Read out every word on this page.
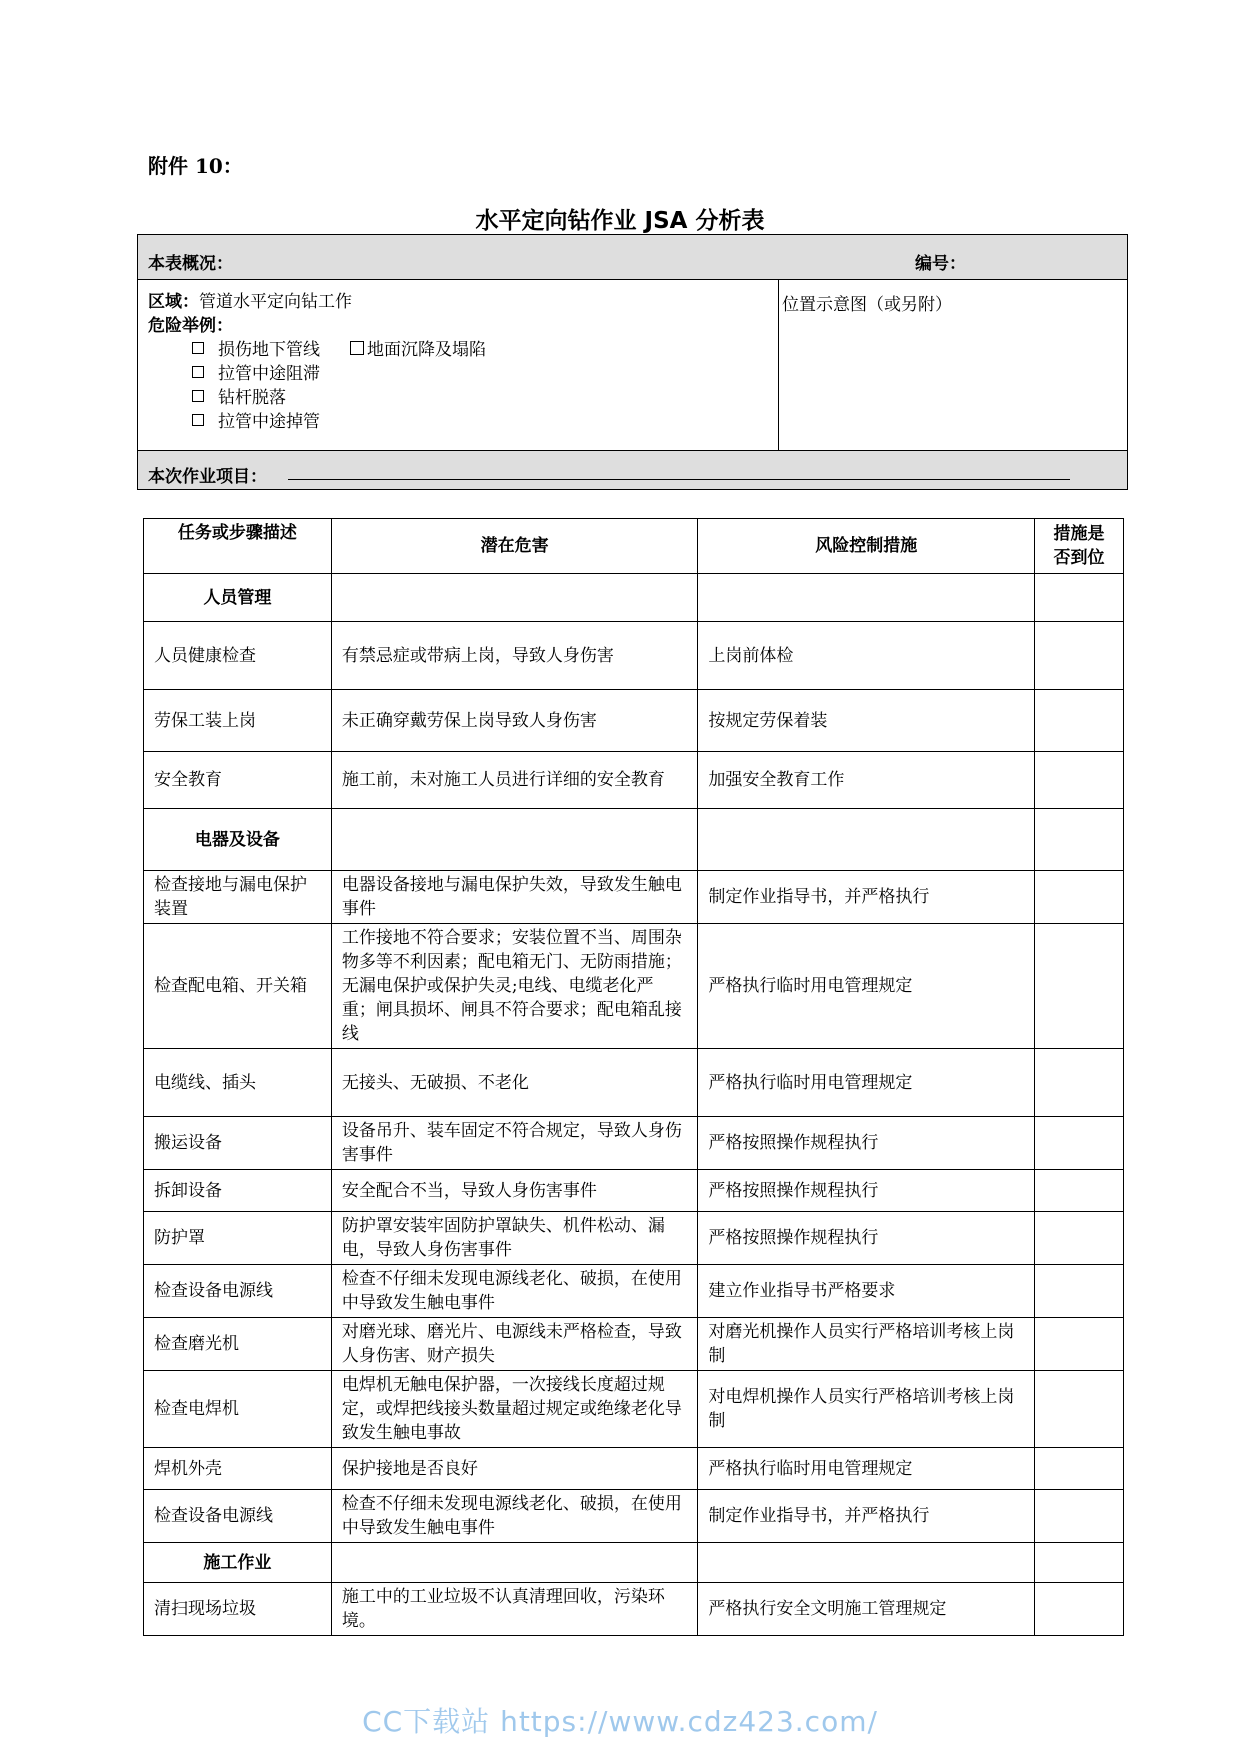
附件 10：
水平定向钻作业 JSA 分析表
本表概况：	编号：
区域：管道水平定向钻工作
危险举例：
损伤地下管线	地面沉降及塌陷
拉管中途阻滞
钻杆脱落
拉管中途掉管
位置示意图（或另附）
本次作业项目：
任务或步骤描述	潜在危害	风险控制措施	措施是否到位
人员管理			
人员健康检查	有禁忌症或带病上岗，导致人身伤害	上岗前体检	
劳保工装上岗	未正确穿戴劳保上岗导致人身伤害	按规定劳保着装	
安全教育	施工前，未对施工人员进行详细的安全教育	加强安全教育工作	
电器及设备			
检查接地与漏电保护装置	电器设备接地与漏电保护失效，导致发生触电事件	制定作业指导书，并严格执行	
检查配电箱、开关箱	工作接地不符合要求；安装位置不当、周围杂物多等不利因素；配电箱无门、无防雨措施；无漏电保护或保护失灵;电线、电缆老化严重；闸具损坏、闸具不符合要求；配电箱乱接线	严格执行临时用电管理规定	
电缆线、插头	无接头、无破损、不老化	严格执行临时用电管理规定	
搬运设备	设备吊升、装车固定不符合规定，导致人身伤害事件	严格按照操作规程执行	
拆卸设备	安全配合不当，导致人身伤害事件	严格按照操作规程执行	
防护罩	防护罩安装牢固防护罩缺失、机件松动、漏电，导致人身伤害事件	严格按照操作规程执行	
检查设备电源线	检查不仔细未发现电源线老化、破损，在使用中导致发生触电事件	建立作业指导书严格要求	
检查磨光机	对磨光球、磨光片、电源线未严格检查，导致人身伤害、财产损失	对磨光机操作人员实行严格培训考核上岗制	
检查电焊机	电焊机无触电保护器，一次接线长度超过规定，或焊把线接头数量超过规定或绝缘老化导致发生触电事故	对电焊机操作人员实行严格培训考核上岗制	
焊机外壳	保护接地是否良好	严格执行临时用电管理规定	
检查设备电源线	检查不仔细未发现电源线老化、破损，在使用中导致发生触电事件	制定作业指导书，并严格执行	
施工作业			
清扫现场垃圾	施工中的工业垃圾不认真清理回收，污染环境。	严格执行安全文明施工管理规定	
CC下载站 https://www.cdz423.com/
